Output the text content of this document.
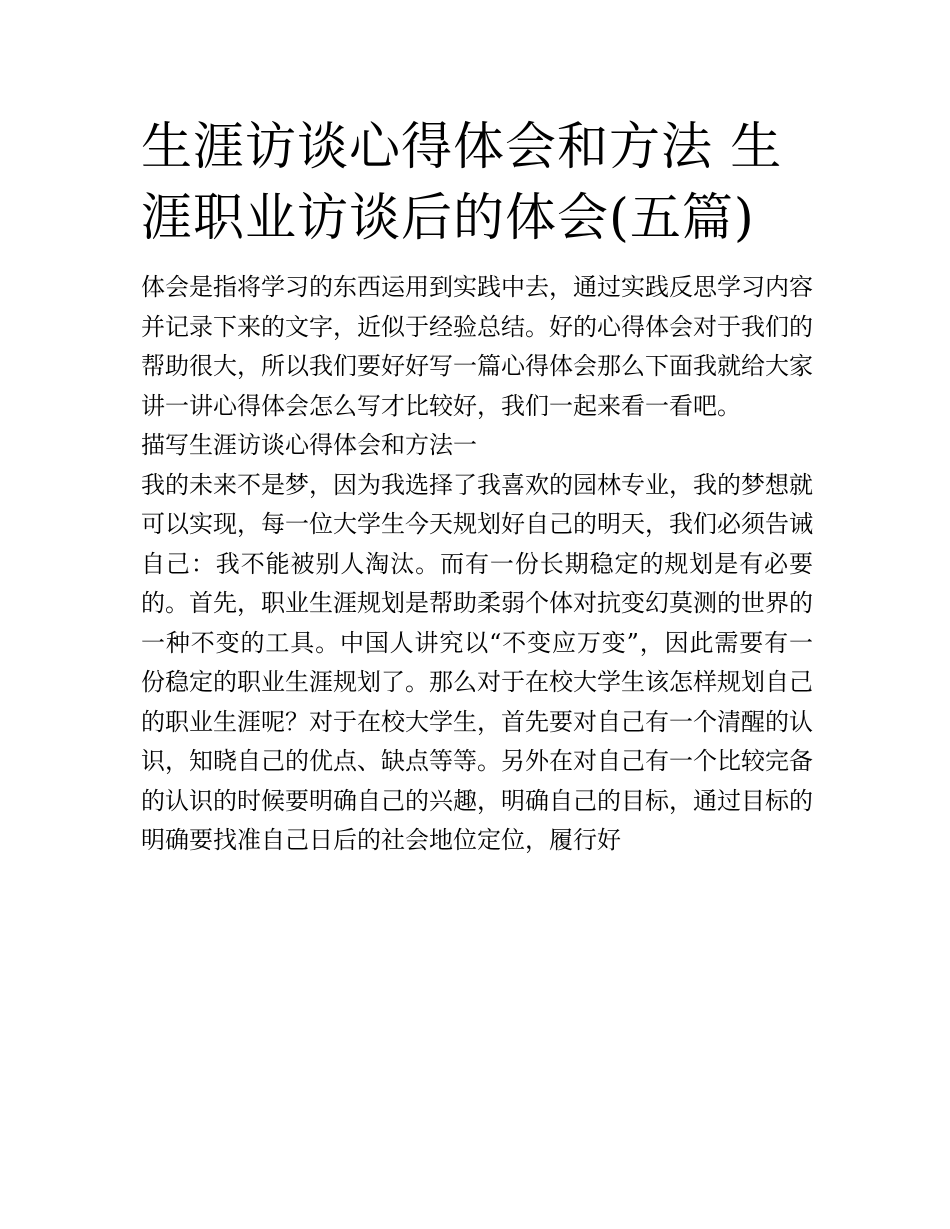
生涯访谈心得体会和方法 生涯职业访谈后的体会(五篇)

体会是指将学习的东西运用到实践中去，通过实践反思学习内容并记录下来的文字，近似于经验总结。好的心得体会对于我们的帮助很大，所以我们要好好写一篇心得体会那么下面我就给大家讲一讲心得体会怎么写才比较好，我们一起来看一看吧。

描写生涯访谈心得体会和方法一

我的未来不是梦，因为我选择了我喜欢的园林专业，我的梦想就可以实现，每一位大学生今天规划好自己的明天，我们必须告诫自己：我不能被别人淘汰。而有一份长期稳定的规划是有必要的。首先，职业生涯规划是帮助柔弱个体对抗变幻莫测的世界的一种不变的工具。中国人讲究以“不变应万变”，因此需要有一份稳定的职业生涯规划了。那么对于在校大学生该怎样规划自己的职业生涯呢？对于在校大学生，首先要对自己有一个清醒的认识，知晓自己的优点、缺点等等。另外在对自己有一个比较完备的认识的时候要明确自己的兴趣，明确自己的目标，通过目标的明确要找准自己日后的社会地位定位，履行好
